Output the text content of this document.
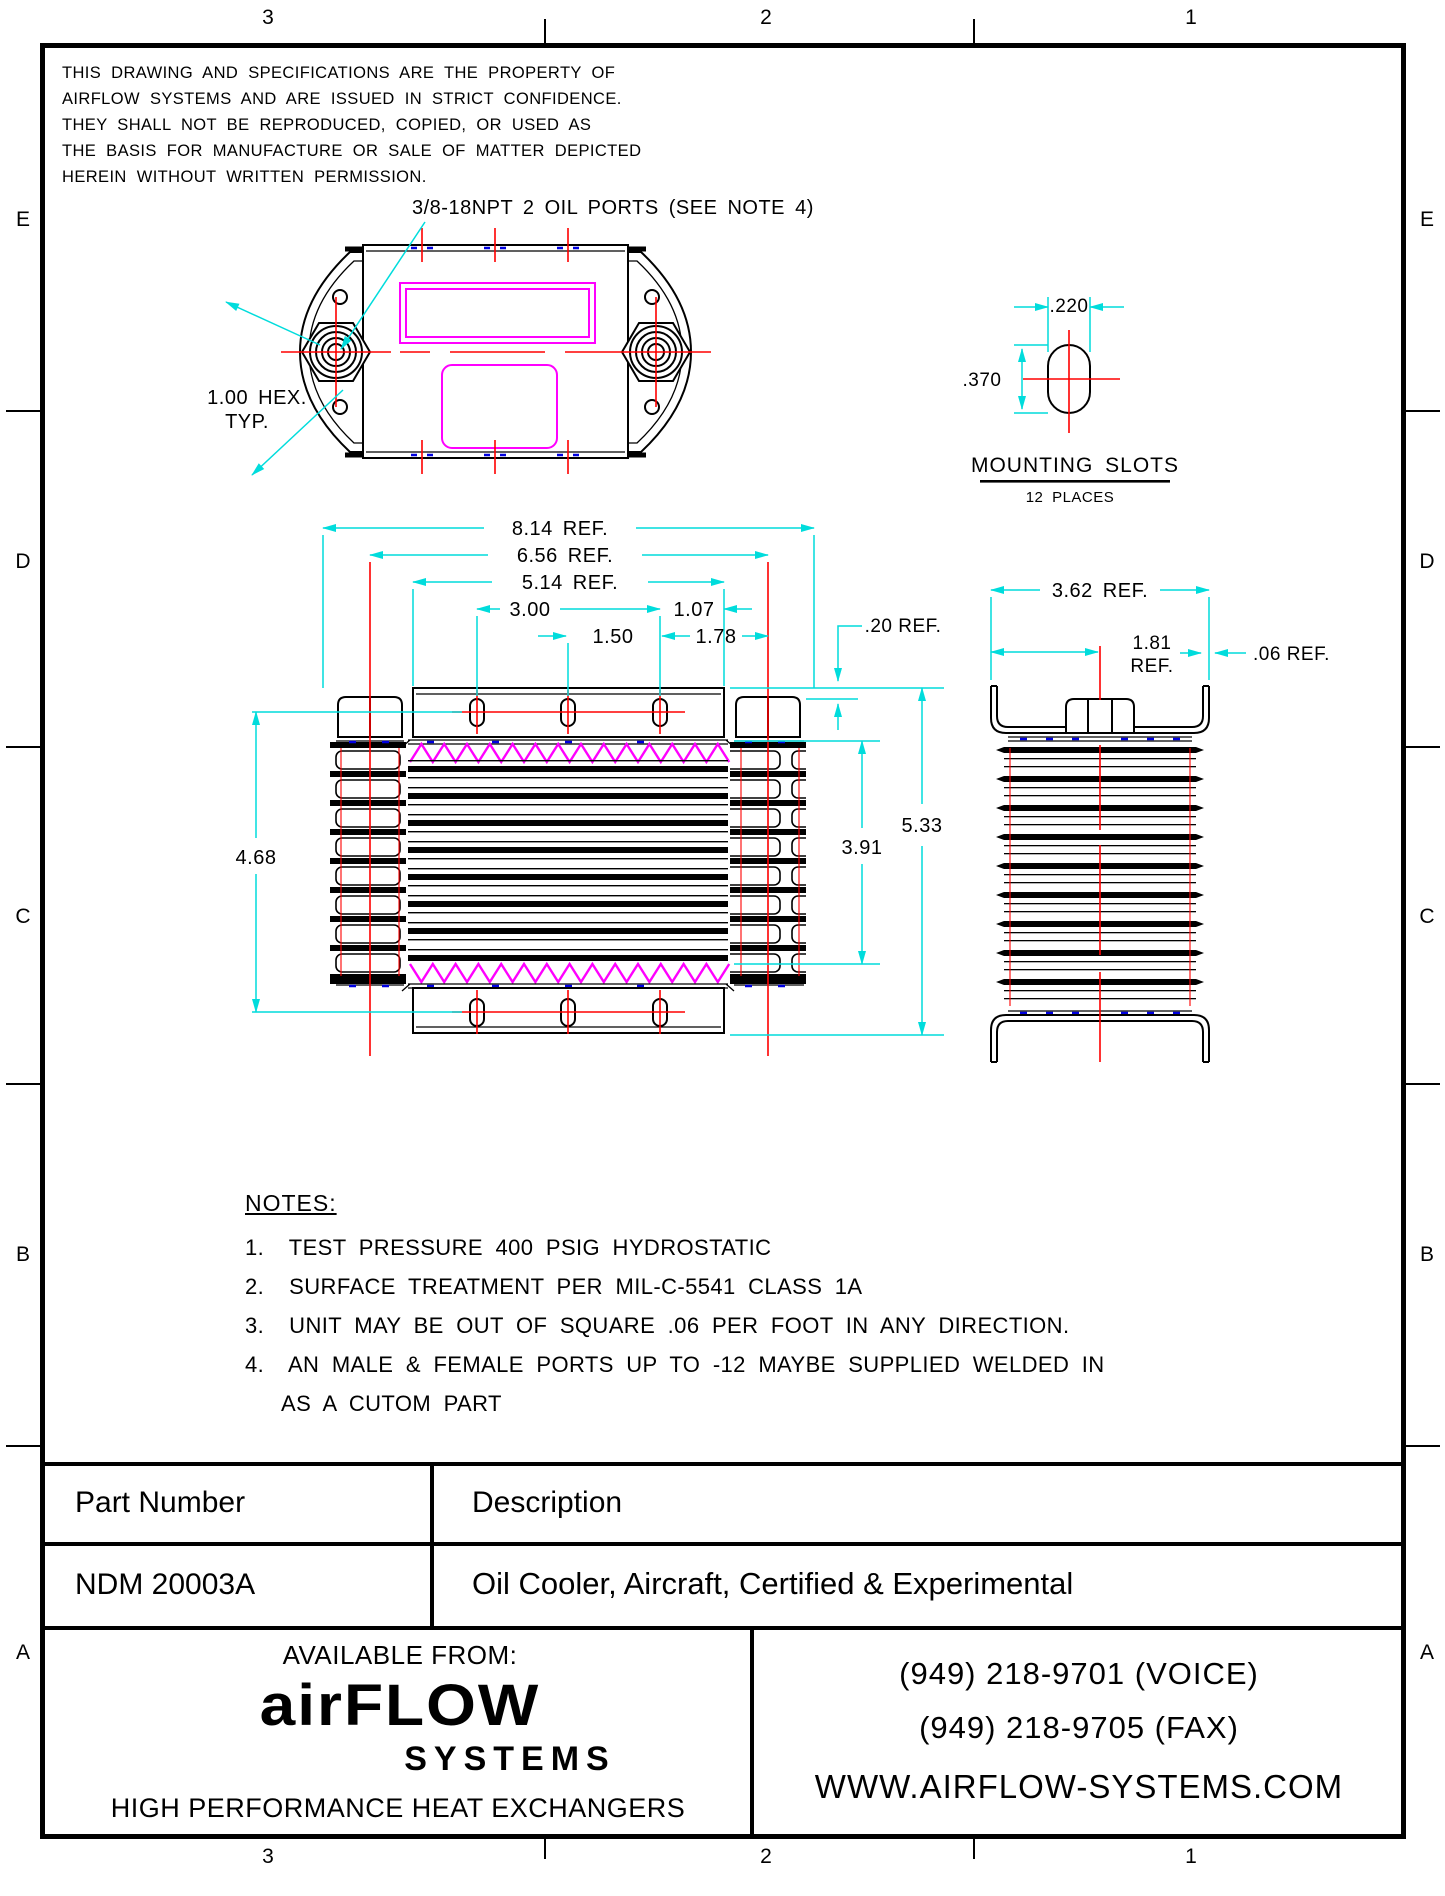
3	2	1
3	2	1
E
D
C
B
A
E
D
C
B
A
THIS DRAWING AND SPECIFICATIONS ARE THE PROPERTY OF
AIRFLOW SYSTEMS AND ARE ISSUED IN STRICT CONFIDENCE.
THEY SHALL NOT BE REPRODUCED, COPIED, OR USED AS
THE BASIS FOR MANUFACTURE OR SALE OF MATTER DEPICTED
HEREIN WITHOUT WRITTEN PERMISSION.
3/8-18NPT 2 OIL PORTS (SEE NOTE 4)
1.00 HEX.
TYP.
.220
.370
MOUNTING SLOTS
12 PLACES
8.14 REF.
6.56 REF.
5.14 REF.
3.00	1.07
1.50	1.78	.20 REF.
4.68	3.91
5.33
3.62 REF.
1.81
REF.
.06 REF.
NOTES:
1.  TEST PRESSURE 400 PSIG HYDROSTATIC
2.  SURFACE TREATMENT PER MIL-C-5541 CLASS 1A
3.  UNIT MAY BE OUT OF SQUARE .06 PER FOOT IN ANY DIRECTION.
4.  AN MALE & FEMALE PORTS UP TO -12 MAYBE SUPPLIED WELDED IN
AS A CUTOM PART
Part Number	Description
NDM 20003A	Oil Cooler, Aircraft, Certified & Experimental
AVAILABLE FROM:
airFLOW
SYSTEMS
HIGH PERFORMANCE HEAT EXCHANGERS
(949) 218-9701 (VOICE)
(949) 218-9705 (FAX)
WWW.AIRFLOW-SYSTEMS.COM
